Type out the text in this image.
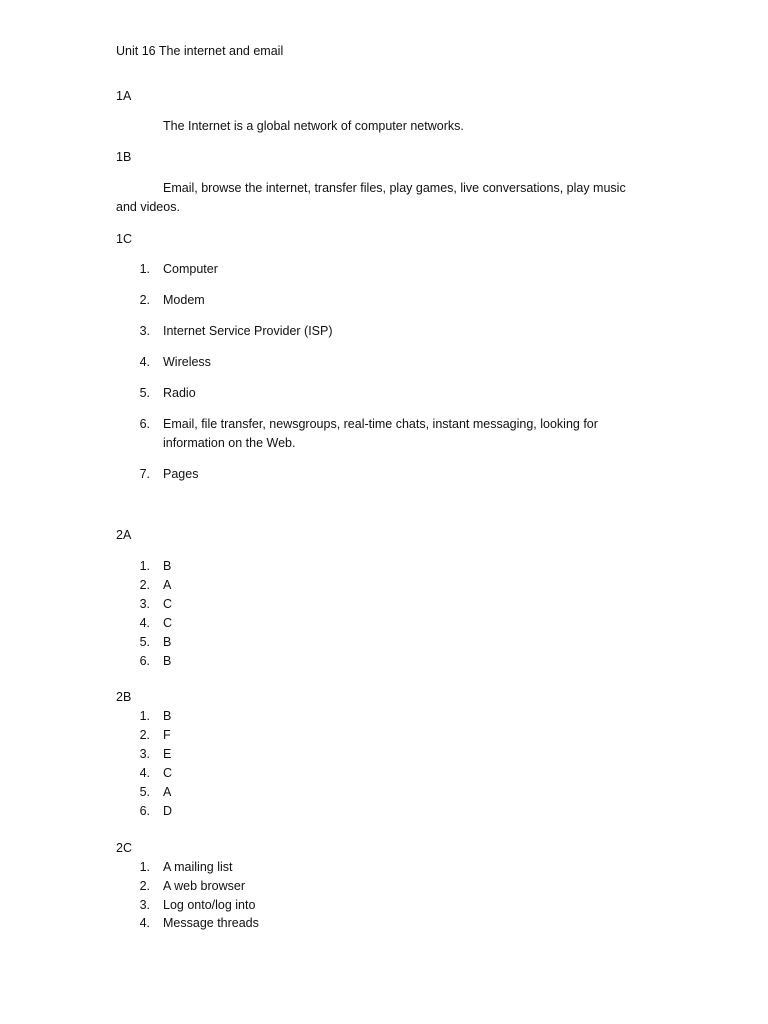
Unit 16 The internet and email
1A
The Internet is a global network of computer networks.
1B
Email, browse the internet, transfer files, play games, live conversations, play music
and videos.
1C
1. Computer
2. Modem
3. Internet Service Provider (ISP)
4. Wireless
5. Radio
6. Email, file transfer, newsgroups, real-time chats, instant messaging, looking for information on the Web.
7. Pages
2A
1. B
2. A
3. C
4. C
5. B
6. B
2B
1. B
2. F
3. E
4. C
5. A
6. D
2C
1. A mailing list
2. A web browser
3. Log onto/log into
4. Message threads
